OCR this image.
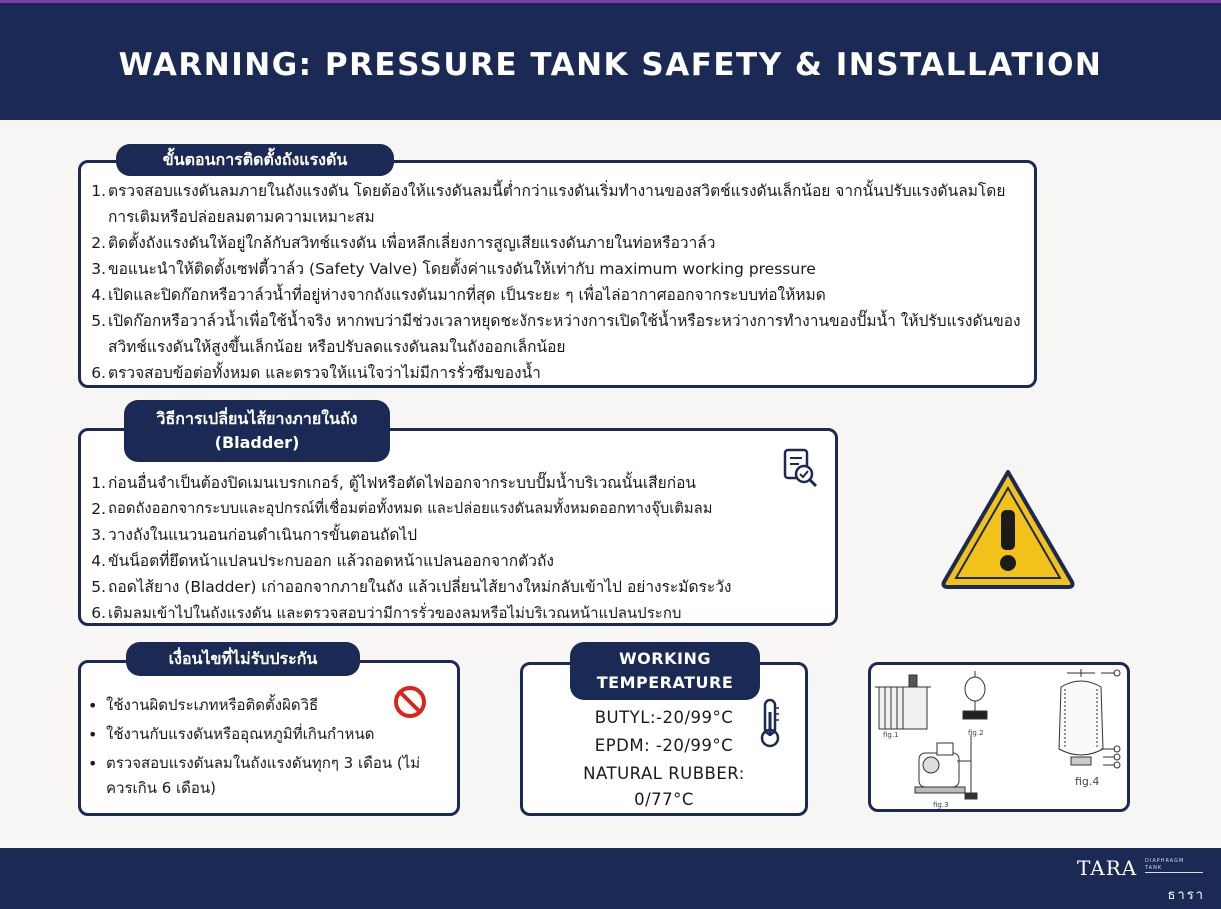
WARNING: PRESSURE TANK SAFETY & INSTALLATION
ขั้นตอนการติดตั้งถังแรงดัน
1. ตรวจสอบแรงดันลมภายในถังแรงดัน โดยต้องให้แรงดันลมนี้ต่ำกว่าแรงดันเริ่มทำงานของสวิตช์แรงดันเล็กน้อย จากนั้นปรับแรงดันลมโดยการเติมหรือปล่อยลมตามความเหมาะสม
2. ติดตั้งถังแรงดันให้อยู่ใกล้กับสวิทช์แรงดัน เพื่อหลีกเลี่ยงการสูญเสียแรงดันภายในท่อหรือวาล์ว
3. ขอแนะนำให้ติดตั้งเซฟตี้วาล์ว (Safety Valve) โดยตั้งค่าแรงดันให้เท่ากับ maximum working pressure
4. เปิดและปิดก๊อกหรือวาล์วน้ำที่อยู่ห่างจากถังแรงดันมากที่สุด เป็นระยะ ๆ เพื่อไล่อากาศออกจากระบบท่อให้หมด
5. เปิดก๊อกหรือวาล์วน้ำเพื่อใช้น้ำจริง หากพบว่ามีช่วงเวลาหยุดชะงักระหว่างการเปิดใช้น้ำหรือระหว่างการทำงานของปั๊มน้ำ ให้ปรับแรงดันของสวิทช์แรงดันให้สูงขึ้นเล็กน้อย หรือปรับลดแรงดันลมในถังออกเล็กน้อย
6. ตรวจสอบข้อต่อทั้งหมด และตรวจให้แน่ใจว่าไม่มีการรั่วซึมของน้ำ
วิธีการเปลี่ยนไส้ยางภายในถัง
(Bladder)
1. ก่อนอื่นจำเป็นต้องปิดเมนเบรกเกอร์, ตู้ไฟหรือตัดไฟออกจากระบบปั๊มน้ำบริเวณนั้นเสียก่อน
2. ถอดถังออกจากระบบและอุปกรณ์ที่เชื่อมต่อทั้งหมด และปล่อยแรงดันลมทั้งหมดออกทางจุ๊บเติมลม
3. วางถังในแนวนอนก่อนดำเนินการขั้นตอนถัดไป
4. ขันน็อตที่ยึดหน้าแปลนประกบออก แล้วถอดหน้าแปลนออกจากตัวถัง
5. ถอดไส้ยาง (Bladder) เก่าออกจากภายในถัง แล้วเปลี่ยนไส้ยางใหม่กลับเข้าไป อย่างระมัดระวัง
6. เติมลมเข้าไปในถังแรงดัน และตรวจสอบว่ามีการรั่วของลมหรือไม่บริเวณหน้าแปลนประกบ
เงื่อนไขที่ไม่รับประกัน
• ใช้งานผิดประเภทหรือติดตั้งผิดวิธี
• ใช้งานกับแรงดันหรืออุณหภูมิที่เกินกำหนด
• ตรวจสอบแรงดันลมในถังแรงดันทุกๆ 3 เดือน (ไม่ควรเกิน 6 เดือน)
WORKING
TEMPERATURE
BUTYL:-20/99°C
EPDM: -20/99°C
NATURAL RUBBER:
0/77°C
fig.1	fig.2
fig.3
fig.4
TARA DIAPHRAGM TANK
ธารา
